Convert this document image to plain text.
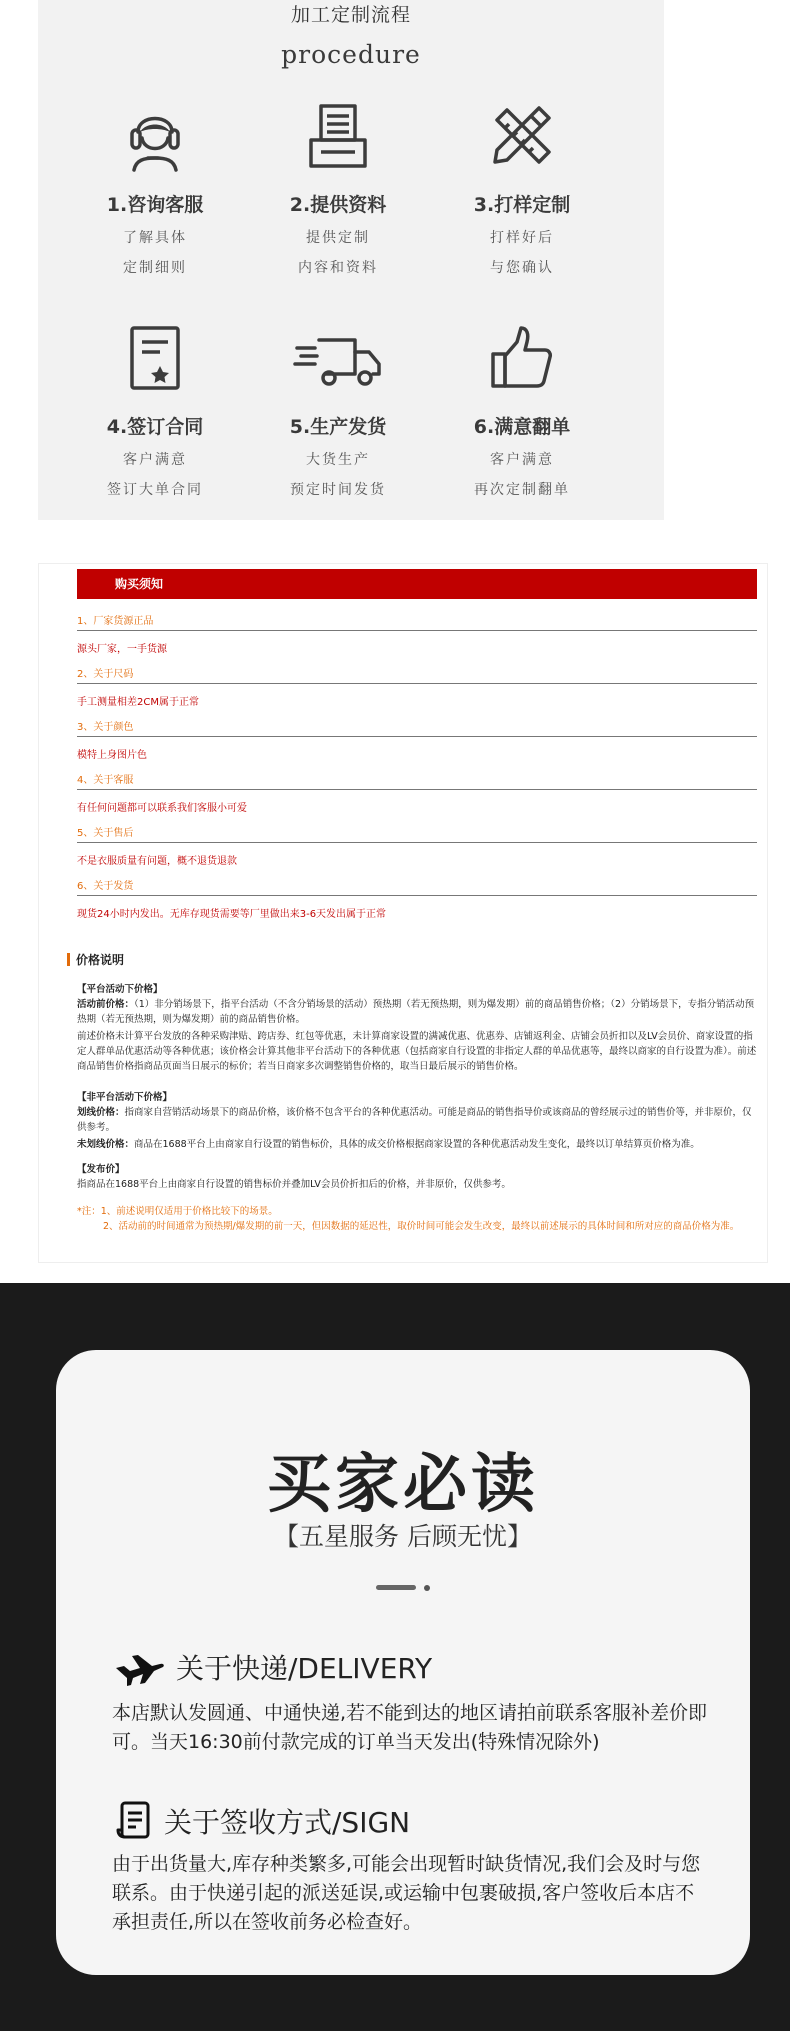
加工定制流程
procedure
1.咨询客服
了解具体
定制细则
2.提供资料
提供定制
内容和资料
3.打样定制
打样好后
与您确认
4.签订合同
客户满意
签订大单合同
5.生产发货
大货生产
预定时间发货
6.满意翻单
客户满意
再次定制翻单
购买须知
1、厂家货源正品
源头厂家，一手货源
2、关于尺码
手工测量相差2CM属于正常
3、关于颜色
模特上身图片色
4、关于客服
有任何问题都可以联系我们客服小可爱
5、关于售后
不是衣服质量有问题，概不退货退款
6、关于发货
现货24小时内发出。无库存现货需要等厂里做出来3-6天发出属于正常
价格说明
【平台活动下价格】
活动前价格：（1）非分销场景下，指平台活动（不含分销场景的活动）预热期（若无预热期，则为爆发期）前的商品销售价格；（2）分销场景下，专指分销活动预热期（若无预热期，则为爆发期）前的商品销售价格。
前述价格未计算平台发放的各种采购津贴、跨店券、红包等优惠，未计算商家设置的满减优惠、优惠券、店铺返利金、店铺会员折扣以及LV会员价、商家设置的指定人群单品优惠活动等各种优惠；该价格会计算其他非平台活动下的各种优惠（包括商家自行设置的非指定人群的单品优惠等，最终以商家的自行设置为准）。前述商品销售价格指商品页面当日展示的标价；若当日商家多次调整销售价格的，取当日最后展示的销售价格。
【非平台活动下价格】
划线价格：指商家自营销活动场景下的商品价格，该价格不包含平台的各种优惠活动。可能是商品的销售指导价或该商品的曾经展示过的销售价等，并非原价，仅供参考。
未划线价格：商品在1688平台上由商家自行设置的销售标价，具体的成交价格根据商家设置的各种优惠活动发生变化，最终以订单结算页价格为准。
【发布价】
指商品在1688平台上由商家自行设置的销售标价并叠加LV会员价折扣后的价格，并非原价，仅供参考。
*注：1、前述说明仅适用于价格比较下的场景。
2、活动前的时间通常为预热期/爆发期的前一天，但因数据的延迟性，取价时间可能会发生改变，最终以前述展示的具体时间和所对应的商品价格为准。
买家必读
【五星服务 后顾无忧】
关于快递/DELIVERY
本店默认发圆通、中通快递,若不能到达的地区请拍前联系客服补差价即可。当天16:30前付款完成的订单当天发出(特殊情况除外)
关于签收方式/SIGN
由于出货量大,库存种类繁多,可能会出现暂时缺货情况,我们会及时与您联系。由于快递引起的派送延误,或运输中包裹破损,客户签收后本店不承担责任,所以在签收前务必检查好。
